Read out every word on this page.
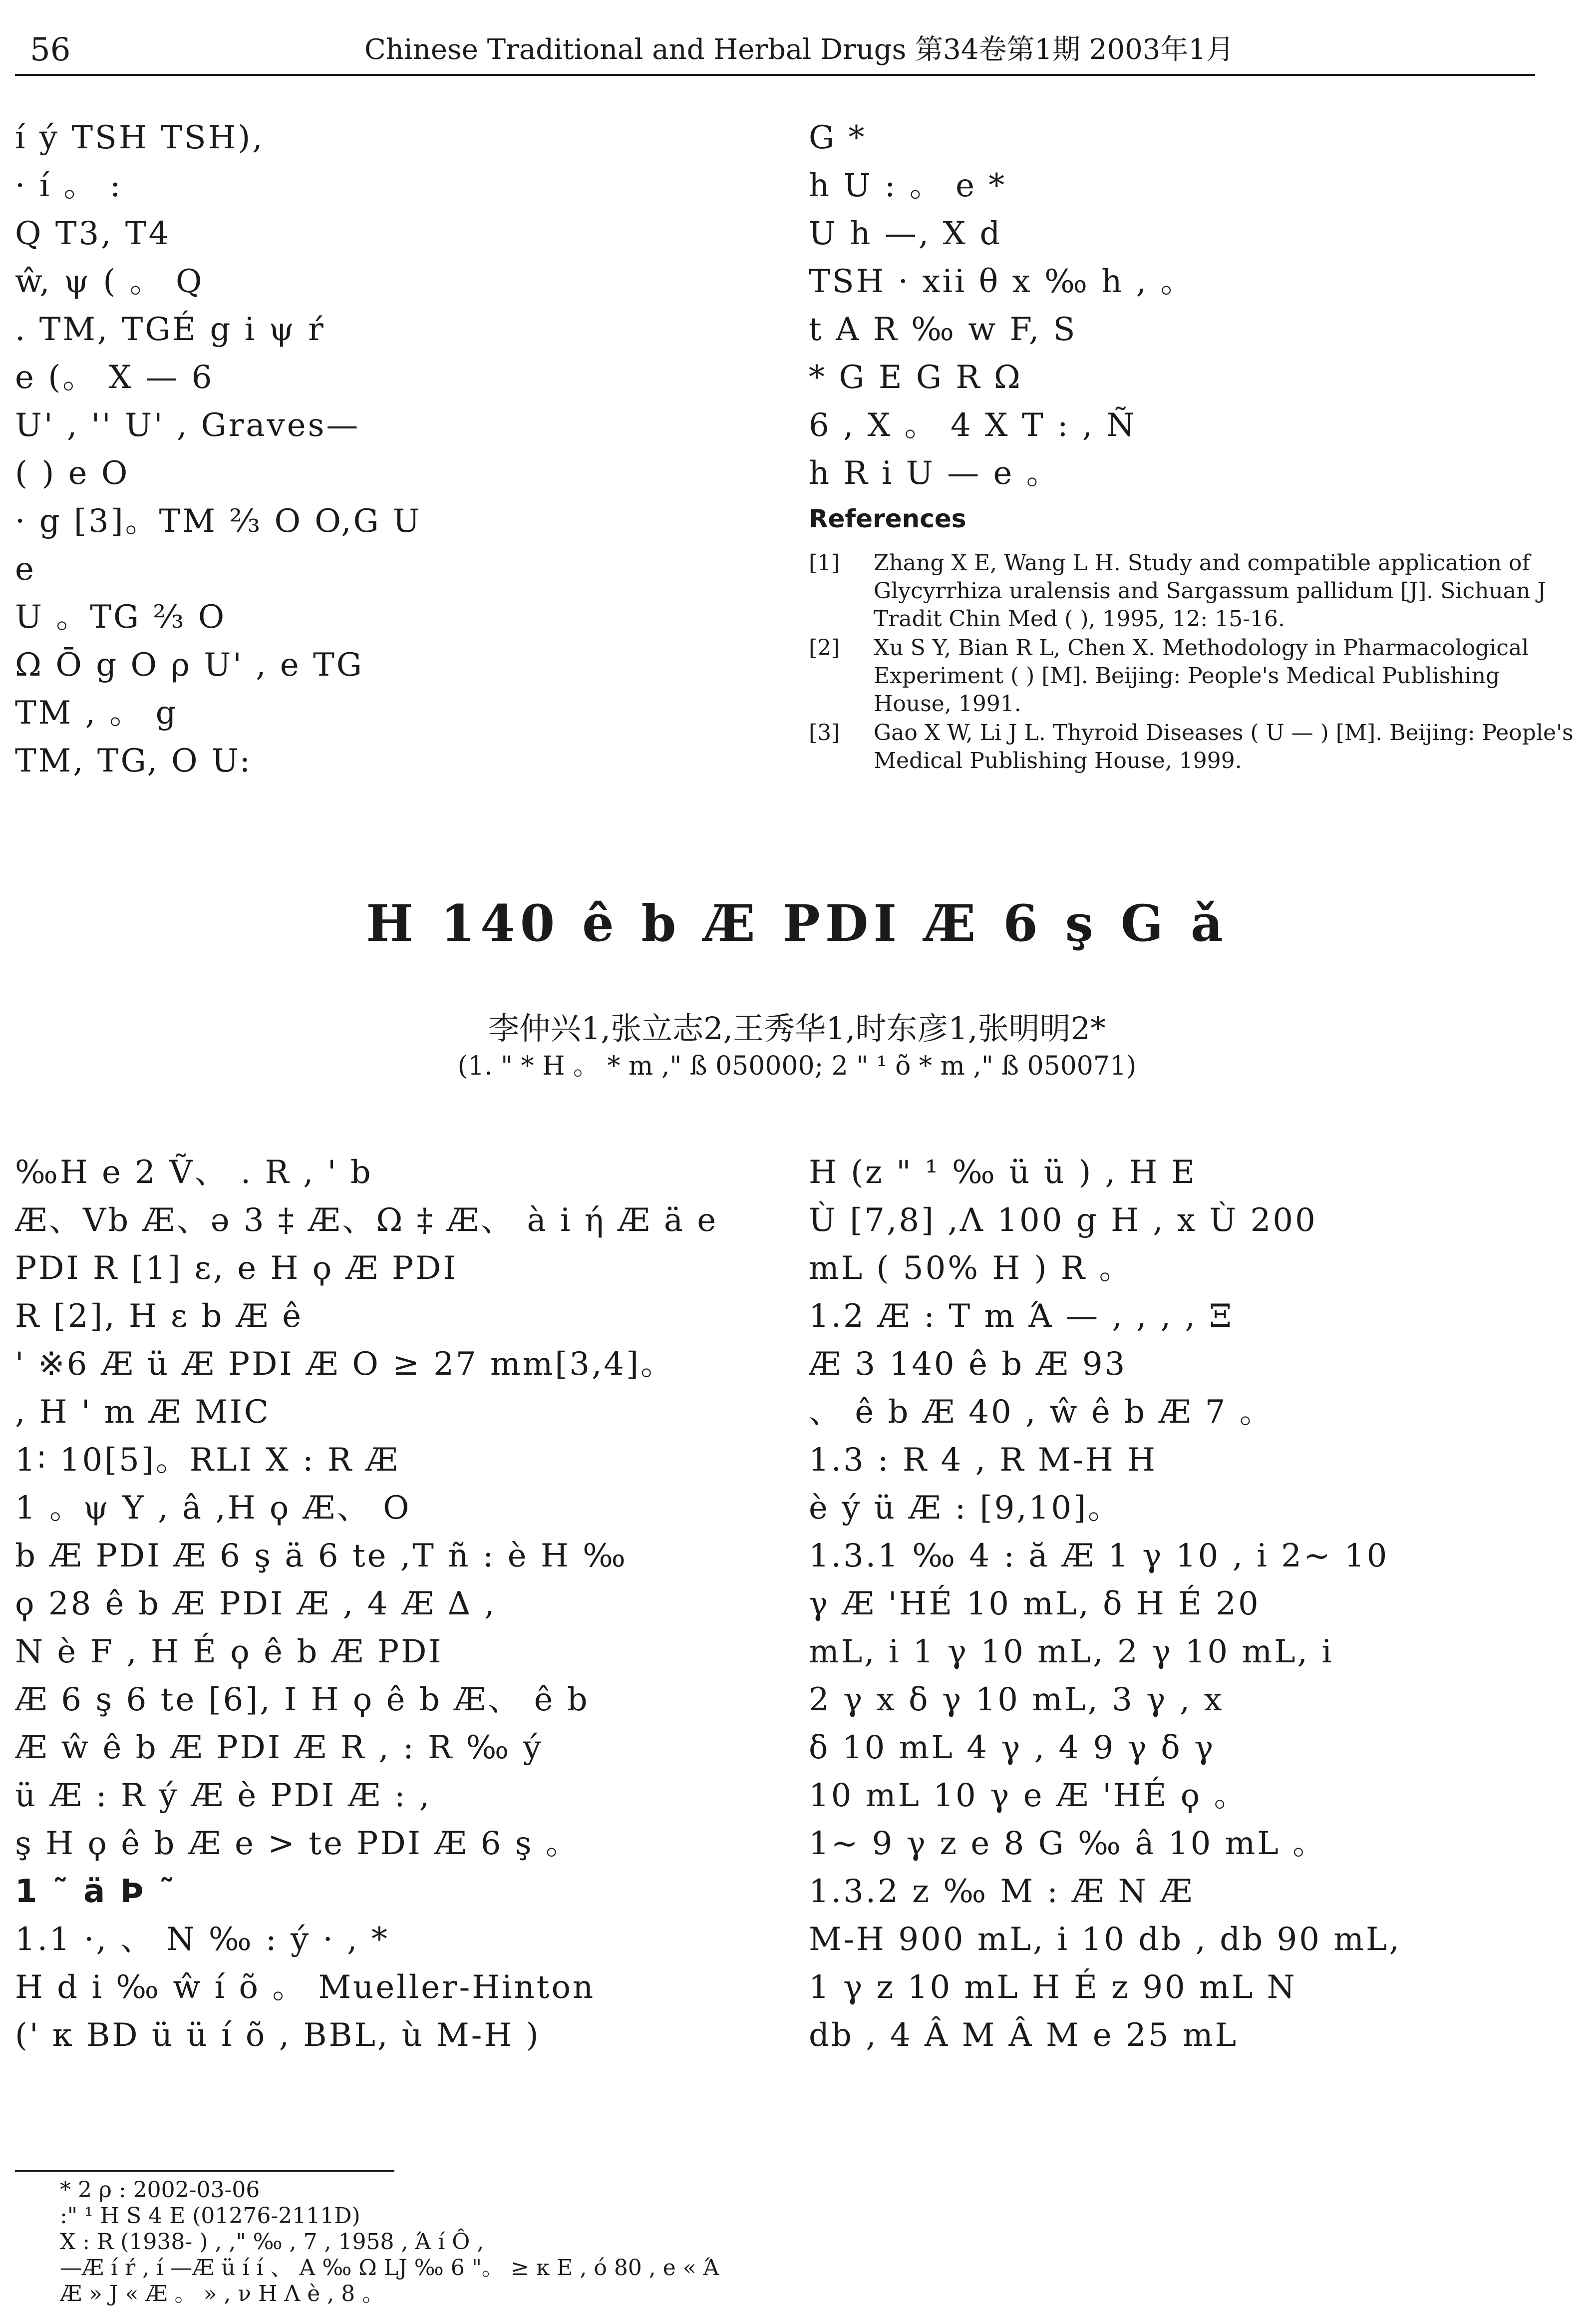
56	Chinese Traditional and Herbal Drugs 第34卷第1期 2003年1月
í ý TSH TSH),
· í 。 :
Q T3, T4
ŵ, ψ ( 。 Q
. TM, TGÉ g i ψ ŕ
e (。 X — 6
U' , '' U' , Graves—
( ) e O
· g [3]。TM ⅔ O O,G U
e
U 。TG ⅔ O
Ω Ō g O ρ U' , e TG
TM , 。 g
TM, TG, O U:
G *
h U : 。 e *
U h —, X d
TSH · xii θ x ‰ h , 。
t A R ‰ w F, S
* G E G R Ω
6 , X 。 4 X T : , Ñ
h R i U — e 。
References
[1] Zhang X E, Wang L H. Study and compatible application of Glycyrrhiza uralensis and Sargassum pallidum [J]. Sichuan J Tradit Chin Med ( ), 1995, 12: 15-16.
[2] Xu S Y, Bian R L, Chen X. Methodology in Pharmacological Experiment ( ) [M]. Beijing: People's Medical Publishing House, 1991.
[3] Gao X W, Li J L. Thyroid Diseases ( U — ) [M]. Beijing: People's Medical Publishing House, 1999.
H 140 ê b Æ PDI Æ 6 ş G ǎ
李仲兴1,张立志2,王秀华1,时东彦1,张明明2*
(1. " * H 。 * m ," ß 050000; 2 " ¹ õ * m ," ß 050071)
‰H e 2 Ṽ、 . R , ' b
Æ、Vb Æ、ə 3 ‡ Æ、Ω ‡ Æ、 à i ή Æ ä e
PDI R [1] ε, e H ϙ Æ PDI
R [2], H ε b Æ ê
' ※6 Æ ü Æ PDI Æ O ≥ 27 mm[3,4]。
, H ' m Æ MIC
1∶ 10[5]。RLI X : R Æ
1 。ψ Y , â ,H ϙ Æ、 O
b Æ PDI Æ 6 ş ä 6 te ,T ñ : è H ‰
ϙ 28 ê b Æ PDI Æ , 4 Æ ∆ ,
Ν è F , H É ϙ ê b Æ PDI
Æ 6 ş 6 te [6], I H ϙ ê b Æ、 ê b
Æ ŵ ê b Æ PDI Æ R , : R ‰ ý
ü Æ : R ý Æ è PDI Æ : ,
ş H ϙ ê b Æ e > te PDI Æ 6 ş 。
1 ˜ ä Þ ˜
1.1 ·, 、 N ‰ : ý · , *
H d i ‰ ŵ í õ 。 Mueller-Hinton
(' κ BD ü ü í õ , BBL, ù M-H )
H (z " ¹ ‰ ü ü ) , H E
Ù [7,8] ,Λ 100 g H , x Ù 200
mL ( 50% H ) R 。
1.2 Æ : T m Ά — , , , , Ξ
Æ 3 140 ê b Æ 93
、 ê b Æ 40 , ŵ ê b Æ 7 。
1.3 : R 4 , R M-H H
è ý ü Æ : [9,10]。
1.3.1 ‰ 4 : ă Æ 1 γ 10 , i 2~ 10
γ Æ 'HÉ 10 mL, δ H É 20
mL, i 1 γ 10 mL, 2 γ 10 mL, i
2 γ x δ γ 10 mL, 3 γ , x
δ 10 mL 4 γ , 4 9 γ δ γ
10 mL 10 γ e Æ 'HÉ ϙ 。
1~ 9 γ z e 8 G ‰ â 10 mL 。
1.3.2 z ‰ M : Æ N Æ
M-H 900 mL, i 10 db , db 90 mL,
1 γ z 10 mL H É z 90 mL N
db , 4 Â M Â M e 25 mL
* 2 ρ : 2002-03-06
:" ¹ H S 4 E (01276-2111D)
X : R (1938- ) , ," ‰ , 7 , 1958 , Ά í Ô ,
—Æ í ŕ , í —Æ ü í í 、 A ‰ Ω LJ ‰ 6 "。 ≥ κ E , ó 80 , e « Ά
Æ » J « Æ 。 » , ν H Λ è , 8 。
